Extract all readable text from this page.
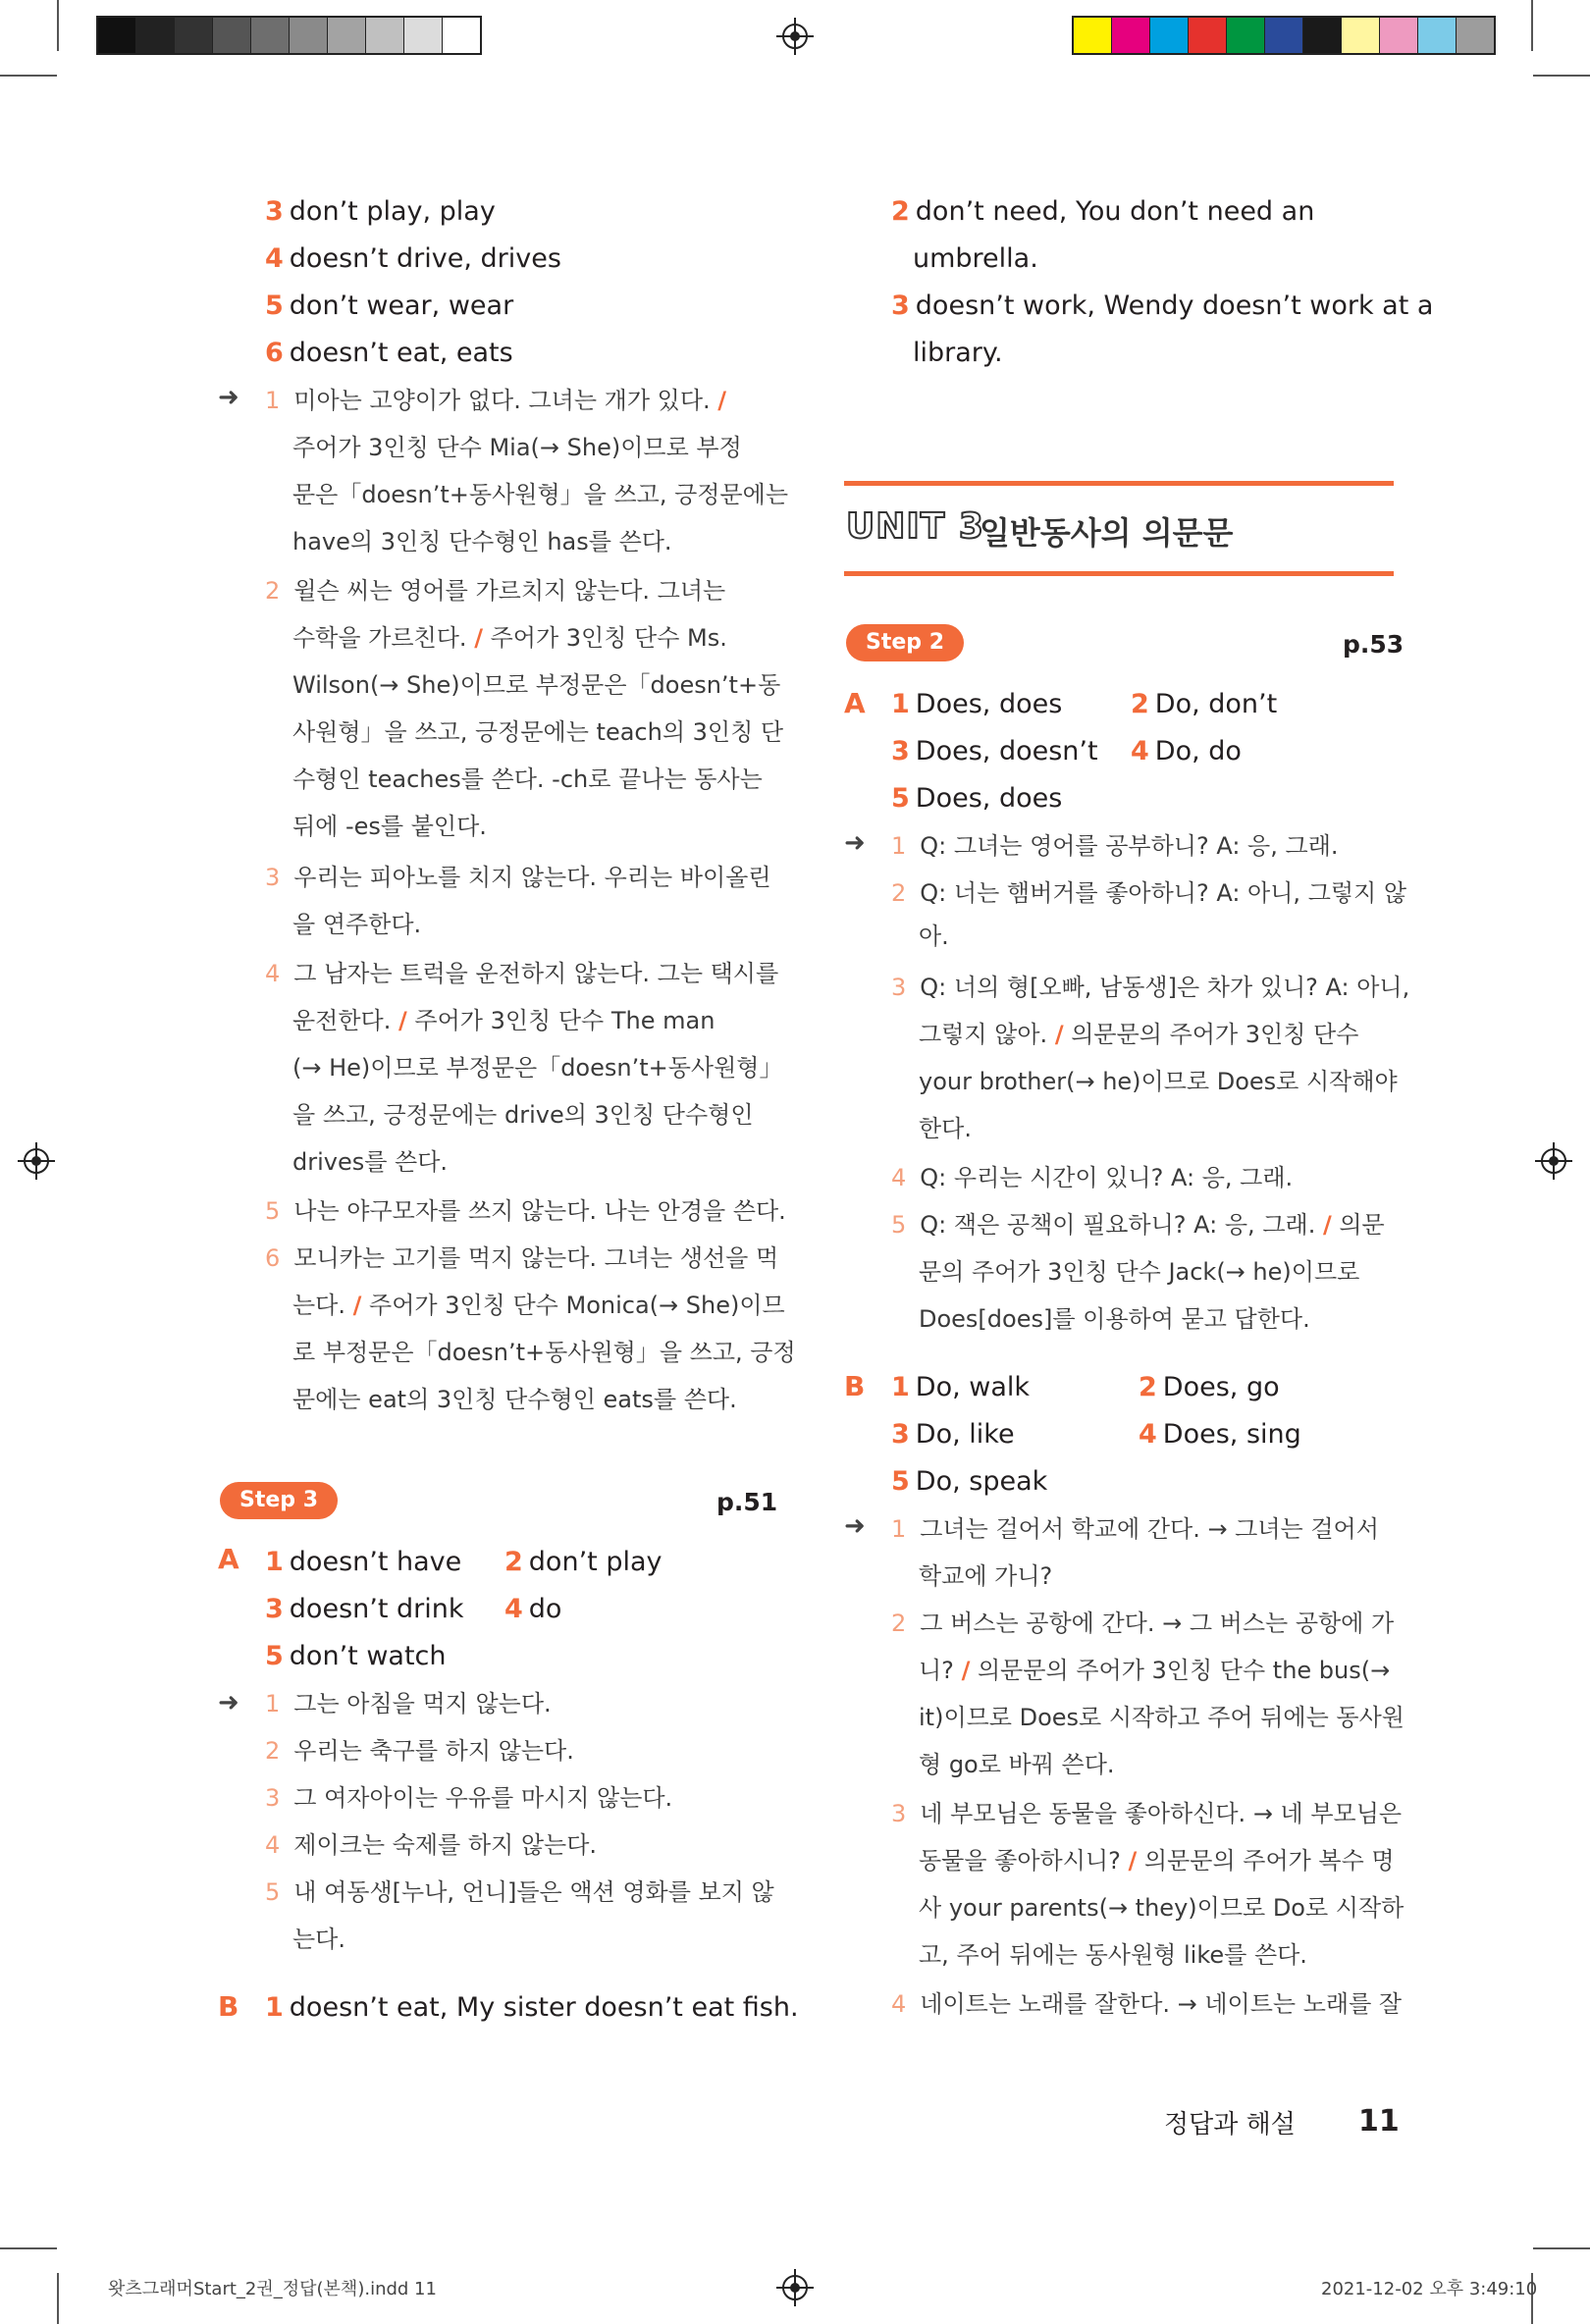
3 don’t play, play
4 doesn’t drive, drives
5 don’t wear, wear
6 doesn’t eat, eats
➜ 1 미아는 고양이가 없다. 그녀는 개가 있다. /
주어가 3인칭 단수 Mia(→ She)이므로 부정
문은「doesn’t+동사원형」을 쓰고, 긍정문에는
have의 3인칭 단수형인 has를 쓴다.
2 윌슨 씨는 영어를 가르치지 않는다. 그녀는
수학을 가르친다. / 주어가 3인칭 단수 Ms.
Wilson(→ She)이므로 부정문은「doesn’t+동
사원형」을 쓰고, 긍정문에는 teach의 3인칭 단
수형인 teaches를 쓴다. -ch로 끝나는 동사는
뒤에 -es를 붙인다.
3 우리는 피아노를 치지 않는다. 우리는 바이올린
을 연주한다.
4 그 남자는 트럭을 운전하지 않는다. 그는 택시를
운전한다. / 주어가 3인칭 단수 The man
(→ He)이므로 부정문은「doesn’t+동사원형」
을 쓰고, 긍정문에는 drive의 3인칭 단수형인
drives를 쓴다.
5 나는 야구모자를 쓰지 않는다. 나는 안경을 쓴다.
6 모니카는 고기를 먹지 않는다. 그녀는 생선을 먹
는다. / 주어가 3인칭 단수 Monica(→ She)이므
로 부정문은「doesn’t+동사원형」을 쓰고, 긍정
문에는 eat의 3인칭 단수형인 eats를 쓴다.
Step 3	p.51
A 1 doesn’t have 2 don’t play
3 doesn’t drink 4 do
5 don’t watch
➜ 1 그는 아침을 먹지 않는다.
2 우리는 축구를 하지 않는다.
3 그 여자아이는 우유를 마시지 않는다.
4 제이크는 숙제를 하지 않는다.
5 내 여동생[누나, 언니]들은 액션 영화를 보지 않
는다.
B 1 doesn’t eat, My sister doesn’t eat fish.
2 don’t need, You don’t need an
umbrella.
3 doesn’t work, Wendy doesn’t work at a
library.
UNIT 3
일반동사의 의문문
Step 2	p.53
A 1 Does, does	2 Do, don’t
3 Does, doesn’t 4 Do, do
5 Does, does
➜ 1 Q: 그녀는 영어를 공부하니? A: 응, 그래.
2 Q: 너는 햄버거를 좋아하니? A: 아니, 그렇지 않
아.
3 Q: 너의 형[오빠, 남동생]은 차가 있니? A: 아니,
그렇지 않아. / 의문문의 주어가 3인칭 단수
your brother(→ he)이므로 Does로 시작해야
한다.
4 Q: 우리는 시간이 있니? A: 응, 그래.
5 Q: 잭은 공책이 필요하니? A: 응, 그래. / 의문
문의 주어가 3인칭 단수 Jack(→ he)이므로
Does[does]를 이용하여 묻고 답한다.
B 1 Do, walk	2 Does, go
3 Do, like	4 Does, sing
5 Do, speak
➜ 1 그녀는 걸어서 학교에 간다. → 그녀는 걸어서
학교에 가니?
2 그 버스는 공항에 간다. → 그 버스는 공항에 가
니? / 의문문의 주어가 3인칭 단수 the bus(→
it)이므로 Does로 시작하고 주어 뒤에는 동사원
형 go로 바꿔 쓴다.
3 네 부모님은 동물을 좋아하신다. → 네 부모님은
동물을 좋아하시니? / 의문문의 주어가 복수 명
사 your parents(→ they)이므로 Do로 시작하
고, 주어 뒤에는 동사원형 like를 쓴다.
4 네이트는 노래를 잘한다. → 네이트는 노래를 잘
정답과 해설 11
왓츠그래머Start_2권_정답(본책).indd 11	2021-12-02 오후 3:49:10
